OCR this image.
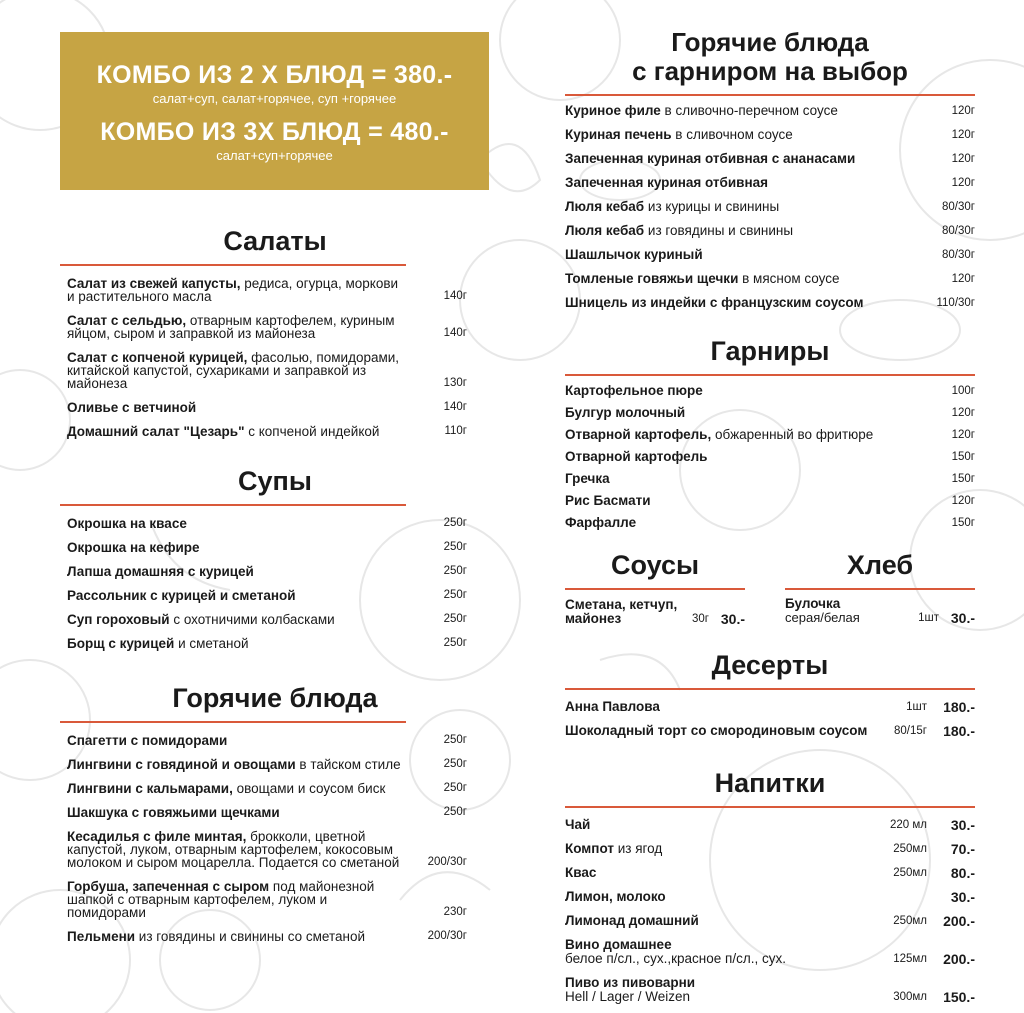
КОМБО ИЗ 2 Х БЛЮД = 380.-
салат+суп, салат+горячее, суп +горячее
КОМБО ИЗ 3Х БЛЮД = 480.-
салат+суп+горячее
Салаты
Салат из свежей капусты, редиса, огурца, моркови и растительного масла	140г
Салат с сельдью, отварным картофелем, куриным яйцом, сыром и заправкой из майонеза	140г
Салат с копченой курицей, фасолью, помидорами, китайской капустой, сухариками и заправкой из майонеза	130г
Оливье с ветчиной	140г
Домашний салат "Цезарь" с копченой индейкой	110г
Супы
Окрошка на квасе	250г
Окрошка на кефире	250г
Лапша домашняя с курицей	250г
Рассольник с курицей и сметаной	250г
Суп гороховый с охотничими колбасками	250г
Борщ с курицей и сметаной	250г
Горячие блюда
Спагетти с помидорами	250г
Лингвини с говядиной и овощами в тайском стиле	250г
Лингвини с кальмарами, овощами и соусом биск	250г
Шакшука с говяжьими щечками	250г
Кесадилья с филе минтая, брокколи, цветной капустой, луком, отварным картофелем, кокосовым молоком и сыром моцарелла. Подается со сметаной 200/30г
Горбуша, запеченная с сыром под майонезной шапкой с отварным картофелем, луком и помидорами	230г
Пельмени из говядины и свинины со сметаной	200/30г
Горячие блюда
с гарниром на выбор
Куриное филе в сливочно-перечном соусе	120г
Куриная печень в сливочном соусе	120г
Запеченная куриная отбивная с ананасами	120г
Запеченная куриная отбивная	120г
Люля кебаб из курицы и свинины	80/30г
Люля кебаб из говядины и свинины	80/30г
Шашлычок куриный	80/30г
Томленые говяжьи щечки в мясном соусе	120г
Шницель из индейки с французским соусом	110/30г
Гарниры
Картофельное пюре	100г
Булгур молочный	120г
Отварной картофель, обжаренный во фритюре	120г
Отварной картофель	150г
Гречка	150г
Рис Басмати	120г
Фарфалле	150г
Соусы
Сметана, кетчуп, майонез	30г 30.-
Хлеб
Булочка
серая/белая	1шт 30.-
Десерты
Анна Павлова	1шт	180.-
Шоколадный торт со смородиновым соусом	80/15г	180.-
Напитки
Чай	220 мл	30.-
Компот из ягод	250мл	70.-
Квас	250мл	80.-
Лимон, молоко	30.-
Лимонад домашний	250мл	200.-
Вино домашнее
белое п/сл., сух.,красное п/сл., сух.	125мл	200.-
Пиво из пивоварни
Hell / Lager / Weizen	300мл	150.-
